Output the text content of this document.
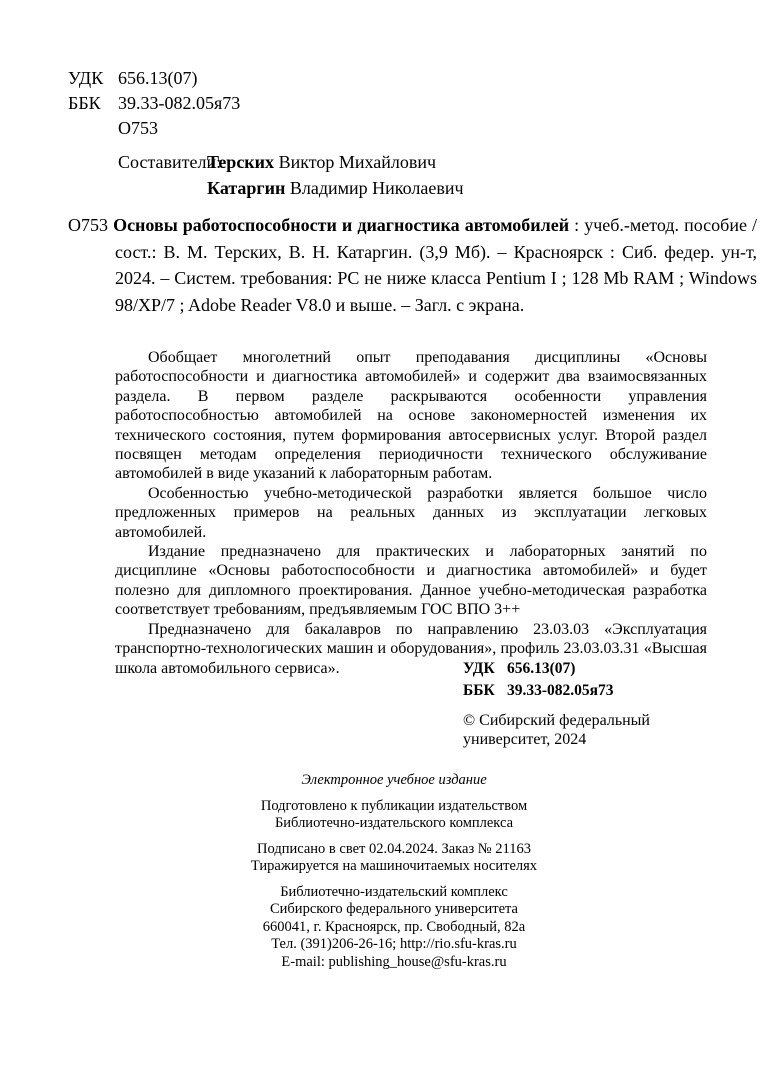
УДК 656.13(07)
ББК 39.33-082.05я73
О753
Составители:Терских Виктор Михайлович
Катаргин Владимир Николаевич

О753 Основы работоспособности и диагностика автомобилей : учеб.-метод. пособие / сост.: В. М. Терских, В. Н. Катаргин. (3,9 Мб). – Красноярск : Сиб. федер. ун-т, 2024. – Систем. требования: PC не ниже класса Pentium I ; 128 Mb RAM ; Windows 98/XP/7 ; Adobe Reader V8.0 и выше. – Загл. с экрана.

Обобщает многолетний опыт преподавания дисциплины «Основы работоспособности и диагностика автомобилей» и содержит два взаимосвязанных раздела. В первом разделе раскрываются особенности управления работоспособностью автомобилей на основе закономерностей изменения их технического состояния, путем формирования автосервисных услуг. Второй раздел посвящен методам определения периодичности технического обслуживание автомобилей в виде указаний к лабораторным работам.

Особенностью учебно-методической разработки является большое число предложенных примеров на реальных данных из эксплуатации легковых автомобилей.

Издание предназначено для практических и лабораторных занятий по дисциплине «Основы работоспособности и диагностика автомобилей» и будет полезно для дипломного проектирования. Данное учебно-методическая разработка соответствует требованиям, предъявляемым ГОС ВПО 3++

Предназначено для бакалавров по направлению 23.03.03 «Эксплуатация транспортно-технологических машин и оборудования», профиль 23.03.03.31 «Высшая школа автомобильного сервиса».	УДК 656.13(07)
ББК 39.33-082.05я73
© Сибирский федеральный
университет, 2024
Электронное учебное издание
Подготовлено к публикации издательством
Библиотечно-издательского комплекса
Подписано в свет 02.04.2024. Заказ № 21163
Тиражируется на машиночитаемых носителях
Библиотечно-издательский комплекс
Сибирского федерального университета
660041, г. Красноярск, пр. Свободный, 82а
Тел. (391)206-26-16; http://rio.sfu-kras.ru
E-mail: publishing_house@sfu-kras.ru
